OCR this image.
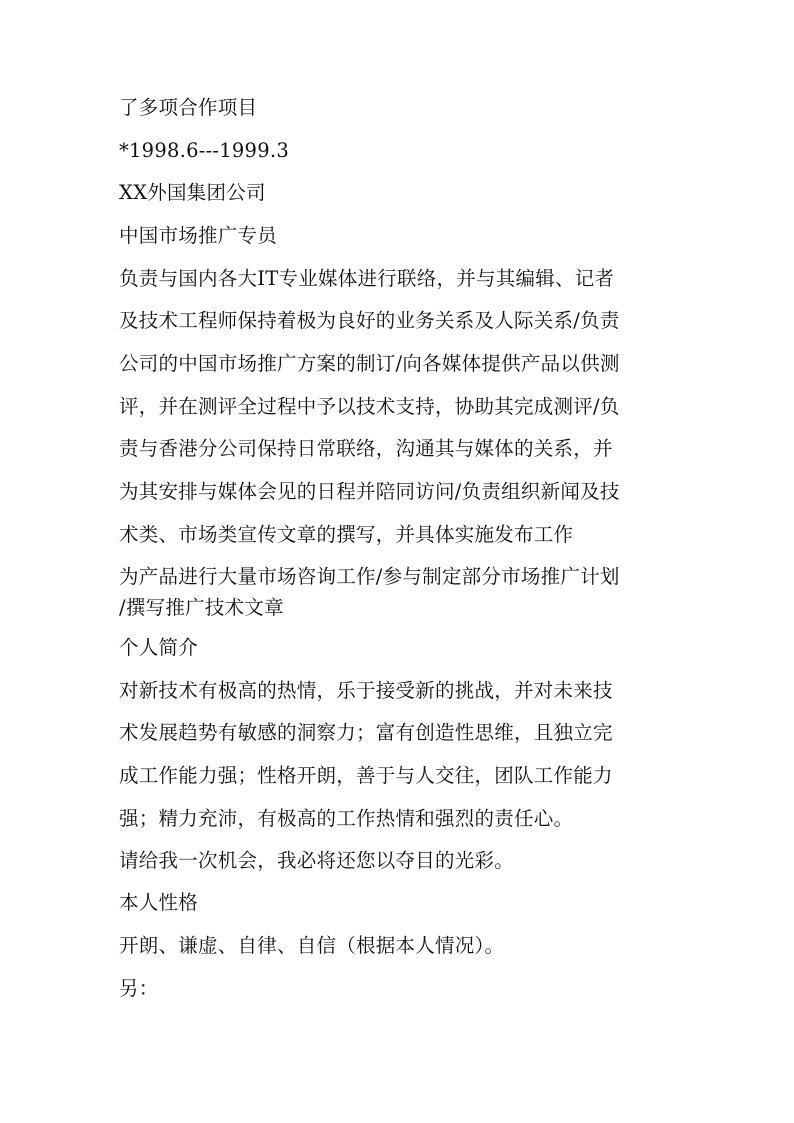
了多项合作项目
*1998.6---1999.3
XX外国集团公司
中国市场推广专员
负责与国内各大IT专业媒体进行联络，并与其编辑、记者
及技术工程师保持着极为良好的业务关系及人际关系/负责
公司的中国市场推广方案的制订/向各媒体提供产品以供测
评，并在测评全过程中予以技术支持，协助其完成测评/负
责与香港分公司保持日常联络，沟通其与媒体的关系，并
为其安排与媒体会见的日程并陪同访问/负责组织新闻及技
术类、市场类宣传文章的撰写，并具体实施发布工作
为产品进行大量市场咨询工作/参与制定部分市场推广计划
/撰写推广技术文章
个人简介
对新技术有极高的热情，乐于接受新的挑战，并对未来技
术发展趋势有敏感的洞察力；富有创造性思维，且独立完
成工作能力强；性格开朗，善于与人交往，团队工作能力
强；精力充沛，有极高的工作热情和强烈的责任心。
请给我一次机会，我必将还您以夺目的光彩。
本人性格
开朗、谦虚、自律、自信（根据本人情况）。
另：
